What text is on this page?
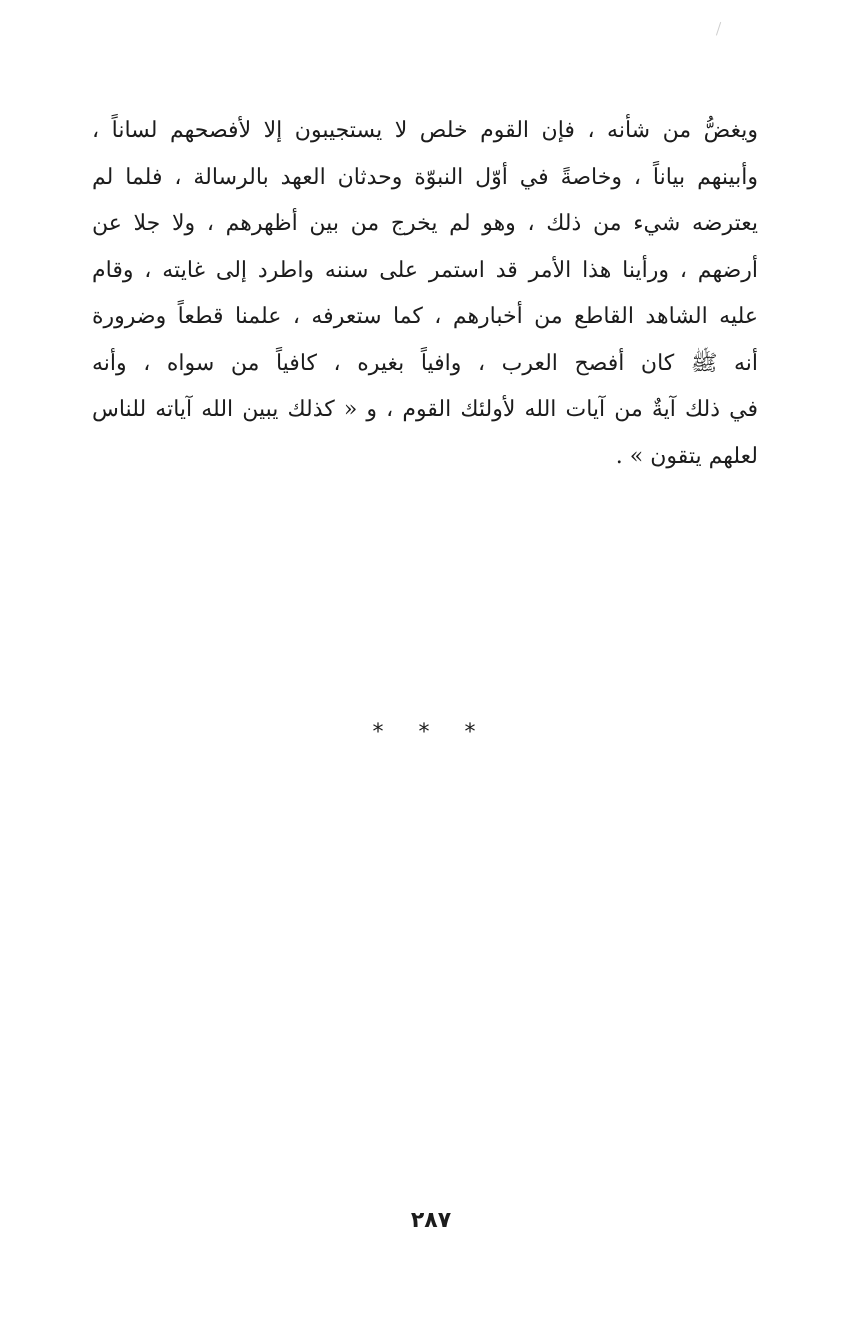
ويغضُّ من شأنه ، فإن القوم خلص لا يستجيبون إلا لأفصحهم لساناً ،
وأبينهم بياناً ، وخاصةً في أوّل النبوّة وحدثان العهد بالرسالة ، فلما لم
يعترضه شيء من ذلك ، وهو لم يخرج من بين أظهرهم ، ولا جلا عن
أرضهم ، ورأينا هذا الأمر قد استمر على سننه واطرد إلى غايته ، وقام
عليه الشاهد القاطع من أخبارهم ، كما ستعرفه ، علمنا قطعاً وضرورة
أنه ﷺ كان أفصح العرب ، وافياً بغيره ، كافياً من سواه ، وأنه
في ذلك آيةٌ من آيات الله لأولئك القوم ، و « كذلك يبين الله آياته للناس
لعلهم يتقون » .
* * *
٢٨٧
